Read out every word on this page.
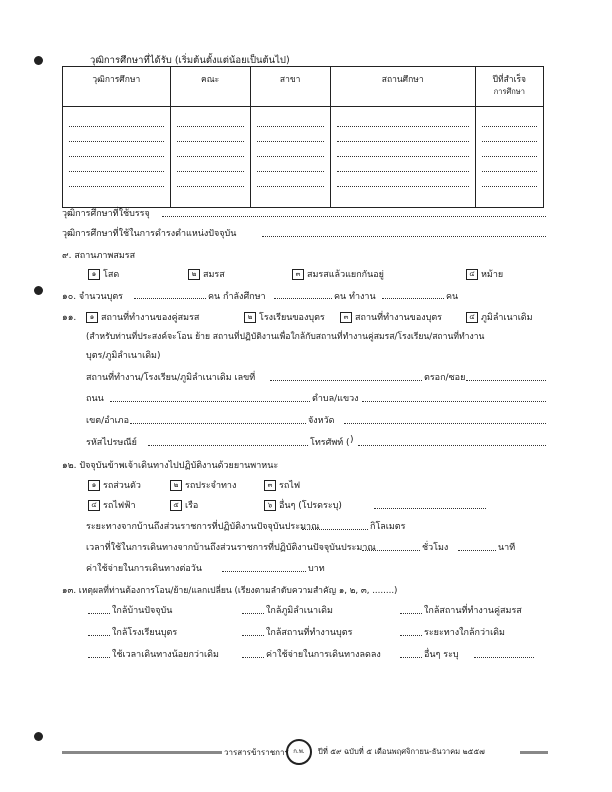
วุฒิการศึกษาที่ได้รับ (เริ่มต้นตั้งแต่น้อยเป็นต้นไป)
วุฒิการศึกษา	คณะ	สาขา	สถานศึกษา	ปีที่สำเร็จ
การศึกษา

วุฒิการศึกษาที่ใช้บรรจุ
วุฒิการศึกษาที่ใช้ในการดำรงตำแหน่งปัจจุบัน
๙. สถานภาพสมรส
๑ โสด	๒ สมรส	๓ สมรสแล้วแยกกันอยู่	๔ หม้าย
๑๐. จำนวนบุตร	คน กำลังศึกษา	คน ทำงาน	คน
๑๑.	๑ สถานที่ทำงานของคู่สมรส	๒ โรงเรียนของบุตร	๓ สถานที่ทำงานของบุตร	๔ ภูมิลำเนาเดิม
(สำหรับท่านที่ประสงค์จะโอน ย้าย สถานที่ปฏิบัติงานเพื่อใกล้กับสถานที่ทำงานคู่สมรส/โรงเรียน/สถานที่ทำงาน
บุตร/ภูมิลำเนาเดิม)
สถานที่ทำงาน/โรงเรียน/ภูมิลำเนาเดิม เลขที่	ตรอก/ซอย
ถนน	ตำบล/แขวง
เขต/อำเภอ	จังหวัด
รหัสไปรษณีย์	โทรศัพท์ ( )
๑๒. ปัจจุบันข้าพเจ้าเดินทางไปปฏิบัติงานด้วยยานพาหนะ
๑ รถส่วนตัว	๒ รถประจำทาง	๓ รถไฟ
๔ รถไฟฟ้า	๕ เรือ	๖ อื่นๆ (โปรดระบุ)
ระยะทางจากบ้านถึงส่วนราชการที่ปฏิบัติงานปัจจุบันประมาณ	กิโลเมตร
เวลาที่ใช้ในการเดินทางจากบ้านถึงส่วนราชการที่ปฏิบัติงานปัจจุบันประมาณ	ชั่วโมง	นาที
ค่าใช้จ่ายในการเดินทางต่อวัน	บาท
๑๓. เหตุผลที่ท่านต้องการโอน/ย้าย/แลกเปลี่ยน (เรียงตามลำดับความสำคัญ ๑, ๒, ๓, ........)
ใกล้บ้านปัจจุบัน	ใกล้ภูมิลำเนาเดิม	ใกล้สถานที่ทำงานคู่สมรส
ใกล้โรงเรียนบุตร	ใกล้สถานที่ทำงานบุตร	ระยะทางใกล้กว่าเดิม
ใช้เวลาเดินทางน้อยกว่าเดิม	ค่าใช้จ่ายในการเดินทางลดลง	อื่นๆ ระบุ
วารสารข้าราชการ ก.พ.	ปีที่ ๕๙ ฉบับที่ ๕ เดือนพฤศจิกายน-ธันวาคม ๒๕๕๗
